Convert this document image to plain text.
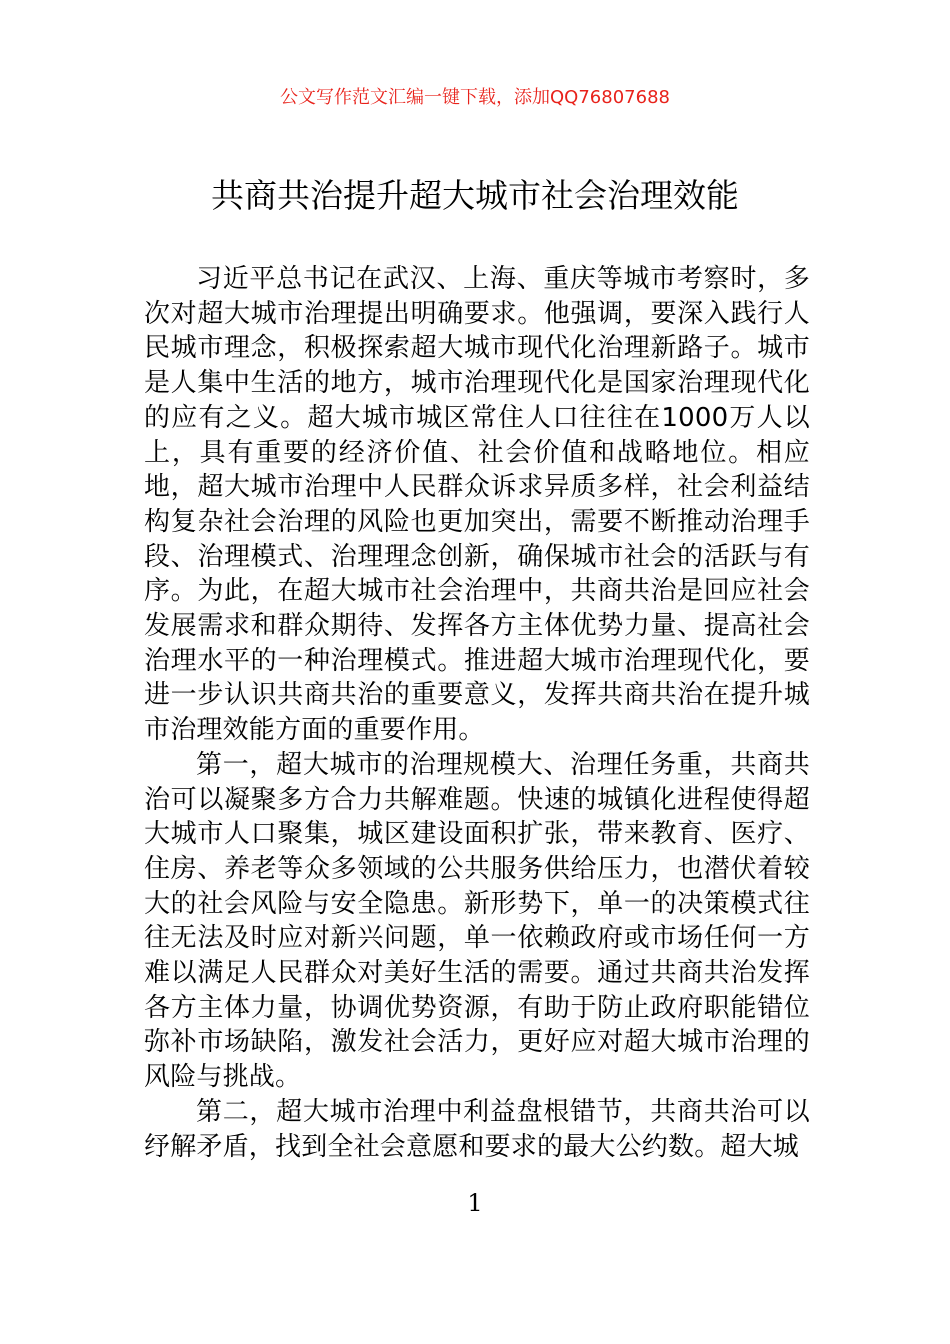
公文写作范文汇编一键下载，添加QQ76807688
共商共治提升超大城市社会治理效能

习近平总书记在武汉、上海、重庆等城市考察时，多次对超大城市治理提出明确要求。他强调，要深入践行人民城市理念，积极探索超大城市现代化治理新路子。城市是人集中生活的地方，城市治理现代化是国家治理现代化的应有之义。超大城市城区常住人口往往在1000万人以上，具有重要的经济价值、社会价值和战略地位。相应地，超大城市治理中人民群众诉求异质多样，社会利益结构复杂社会治理的风险也更加突出，需要不断推动治理手段、治理模式、治理理念创新，确保城市社会的活跃与有序。为此，在超大城市社会治理中，共商共治是回应社会发展需求和群众期待、发挥各方主体优势力量、提高社会治理水平的一种治理模式。推进超大城市治理现代化，要进一步认识共商共治的重要意义，发挥共商共治在提升城市治理效能方面的重要作用。

第一，超大城市的治理规模大、治理任务重，共商共治可以凝聚多方合力共解难题。快速的城镇化进程使得超大城市人口聚集，城区建设面积扩张，带来教育、医疗、住房、养老等众多领域的公共服务供给压力，也潜伏着较大的社会风险与安全隐患。新形势下，单一的决策模式往往无法及时应对新兴问题，单一依赖政府或市场任何一方难以满足人民群众对美好生活的需要。通过共商共治发挥各方主体力量，协调优势资源，有助于防止政府职能错位弥补市场缺陷，激发社会活力，更好应对超大城市治理的风险与挑战。

第二，超大城市治理中利益盘根错节，共商共治可以纾解矛盾，找到全社会意愿和要求的最大公约数。超大城

1
